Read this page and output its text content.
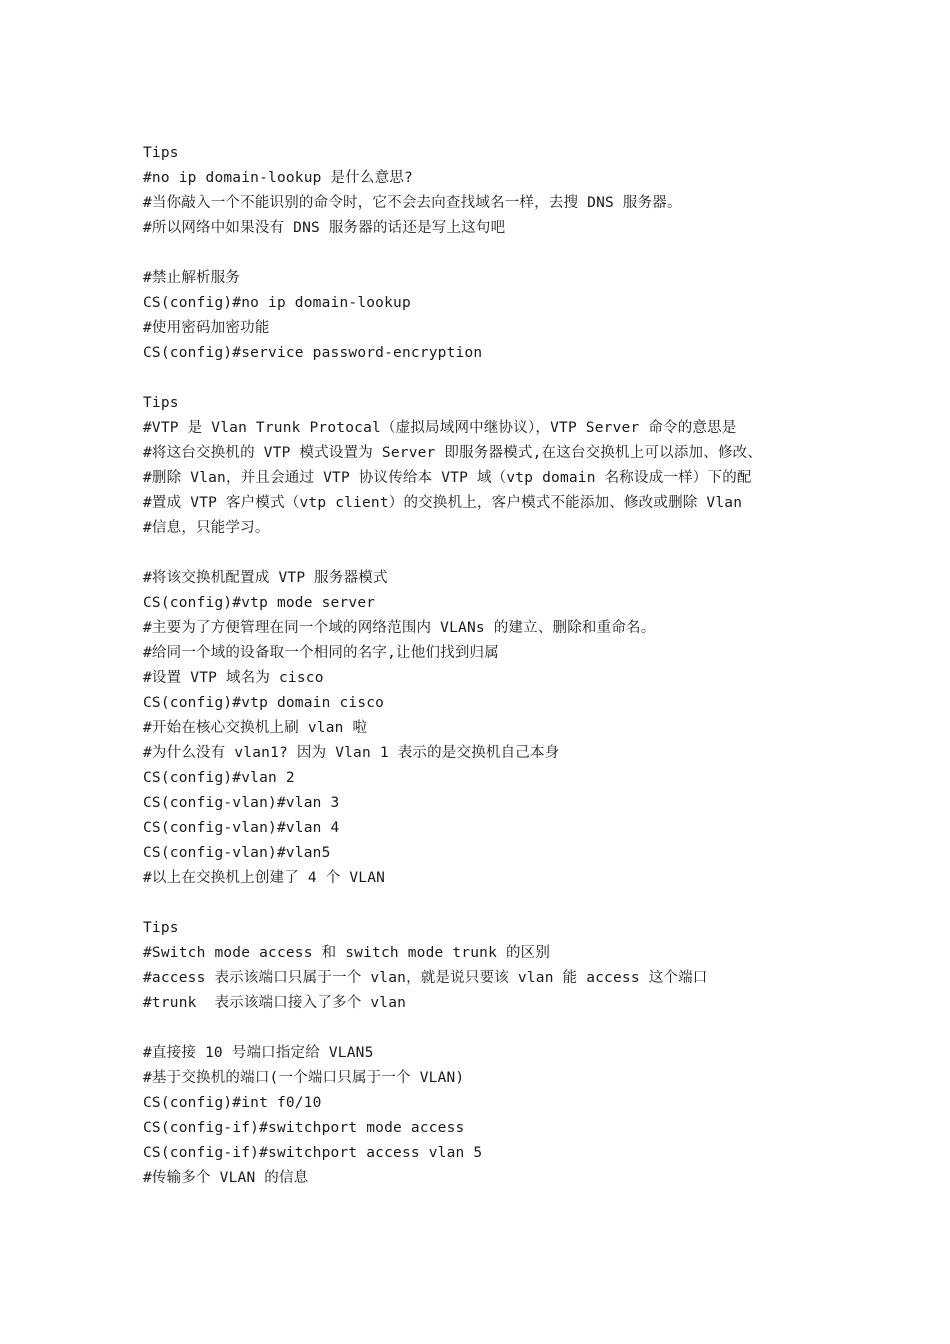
Tips
#no ip domain-lookup 是什么意思?
#当你敲入一个不能识别的命令时，它不会去向查找域名一样，去搜 DNS 服务器。
#所以网络中如果没有 DNS 服务器的话还是写上这句吧
#禁止解析服务
CS(config)#no ip domain-lookup
#使用密码加密功能
CS(config)#service password-encryption
Tips
#VTP 是 Vlan Trunk Protocal（虚拟局域网中继协议），VTP Server 命令的意思是
#将这台交换机的 VTP 模式设置为 Server 即服务器模式,在这台交换机上可以添加、修改、
#删除 Vlan，并且会通过 VTP 协议传给本 VTP 域（vtp domain 名称设成一样）下的配
#置成 VTP 客户模式（vtp client）的交换机上，客户模式不能添加、修改或删除 Vlan
#信息，只能学习。
#将该交换机配置成 VTP 服务器模式
CS(config)#vtp mode server
#主要为了方便管理在同一个域的网络范围内 VLANs 的建立、删除和重命名。
#给同一个域的设备取一个相同的名字,让他们找到归属
#设置 VTP 域名为 cisco
CS(config)#vtp domain cisco
#开始在核心交换机上刷 vlan 啦
#为什么没有 vlan1? 因为 Vlan 1 表示的是交换机自己本身
CS(config)#vlan 2
CS(config-vlan)#vlan 3
CS(config-vlan)#vlan 4
CS(config-vlan)#vlan5
#以上在交换机上创建了 4 个 VLAN
Tips
#Switch mode access 和 switch mode trunk 的区别
#access 表示该端口只属于一个 vlan，就是说只要该 vlan 能 access 这个端口
#trunk  表示该端口接入了多个 vlan
#直接接 10 号端口指定给 VLAN5
#基于交换机的端口(一个端口只属于一个 VLAN)
CS(config)#int f0/10
CS(config-if)#switchport mode access
CS(config-if)#switchport access vlan 5
#传输多个 VLAN 的信息
